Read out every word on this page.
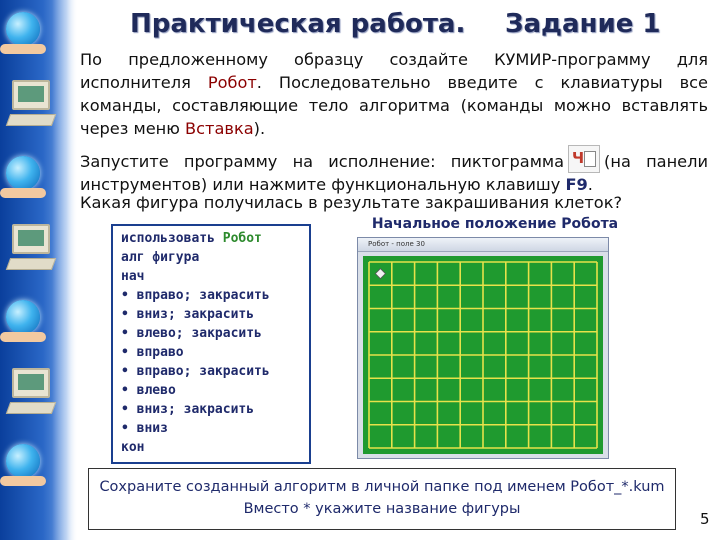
Практическая работа. Задание 1
По предложенному образцу создайте КУМИР-программу для исполнителя Робот. Последовательно введите с клавиатуры все команды, составляющие тело алгоритма (команды можно вставлять через меню Вставка).
Запустите программу на исполнение: пиктограмма Ч (на панели инструментов) или нажмите функциональную клавишу F9.
Какая фигура получилась в результате закрашивания клеток?
использовать Робот
алг фигура
нач
• вправо; закрасить
• вниз; закрасить
• влево; закрасить
• вправо
• вправо; закрасить
• влево
• вниз; закрасить
• вниз
кон
Начальное положение Робота
Робот - поле 30
Сохраните созданный алгоритм в личной папке под именем Робот_*.kum
Вместо * укажите название фигуры
5
